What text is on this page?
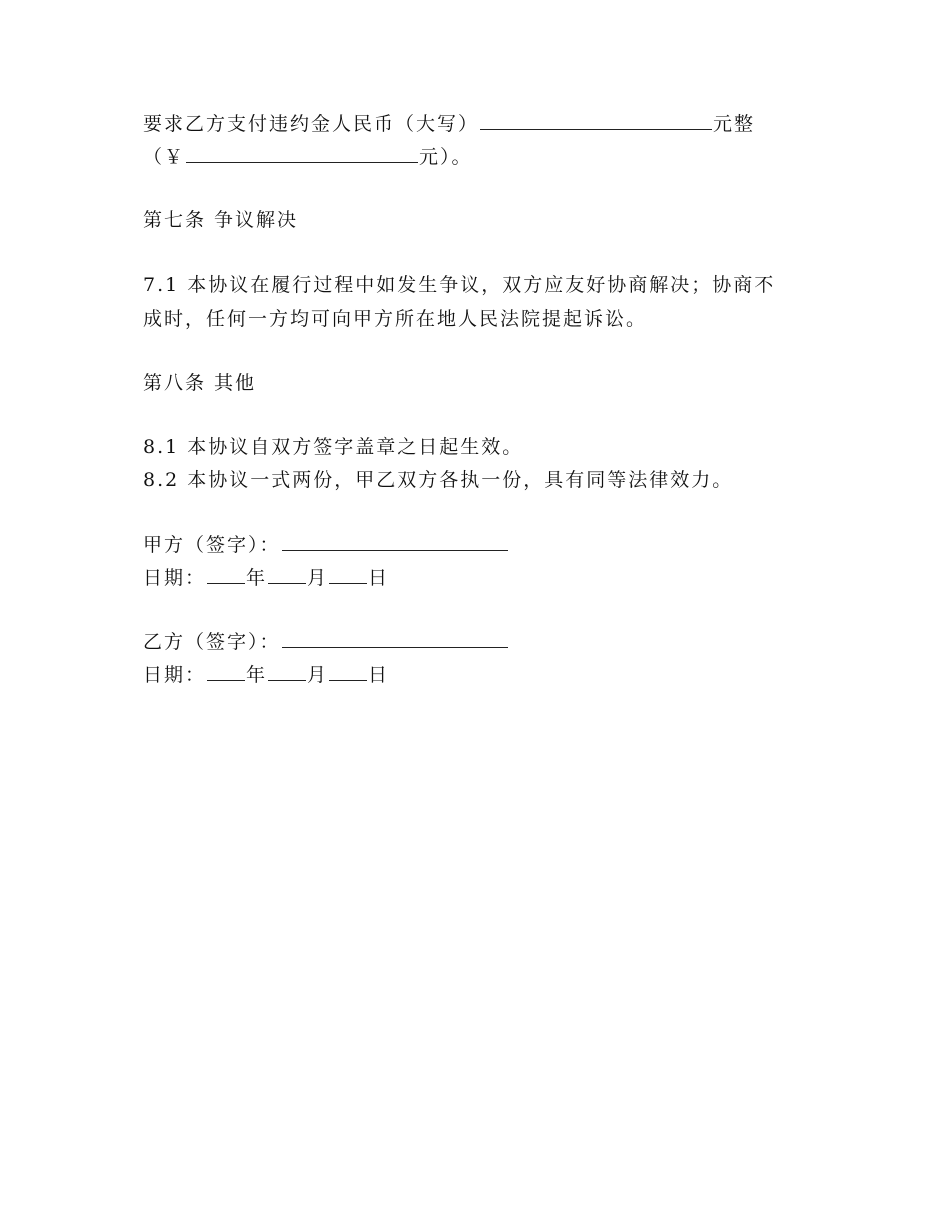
要求乙方支付违约金人民币（大写）	元整
（￥	元）。
第七条 争议解决
7.1 本协议在履行过程中如发生争议，双方应友好协商解决；协商不
成时，任何一方均可向甲方所在地人民法院提起诉讼。
第八条 其他
8.1 本协议自双方签字盖章之日起生效。
8.2 本协议一式两份，甲乙双方各执一份，具有同等法律效力。
甲方（签字）：
日期： 年 月 日
乙方（签字）：
日期： 年 月 日
